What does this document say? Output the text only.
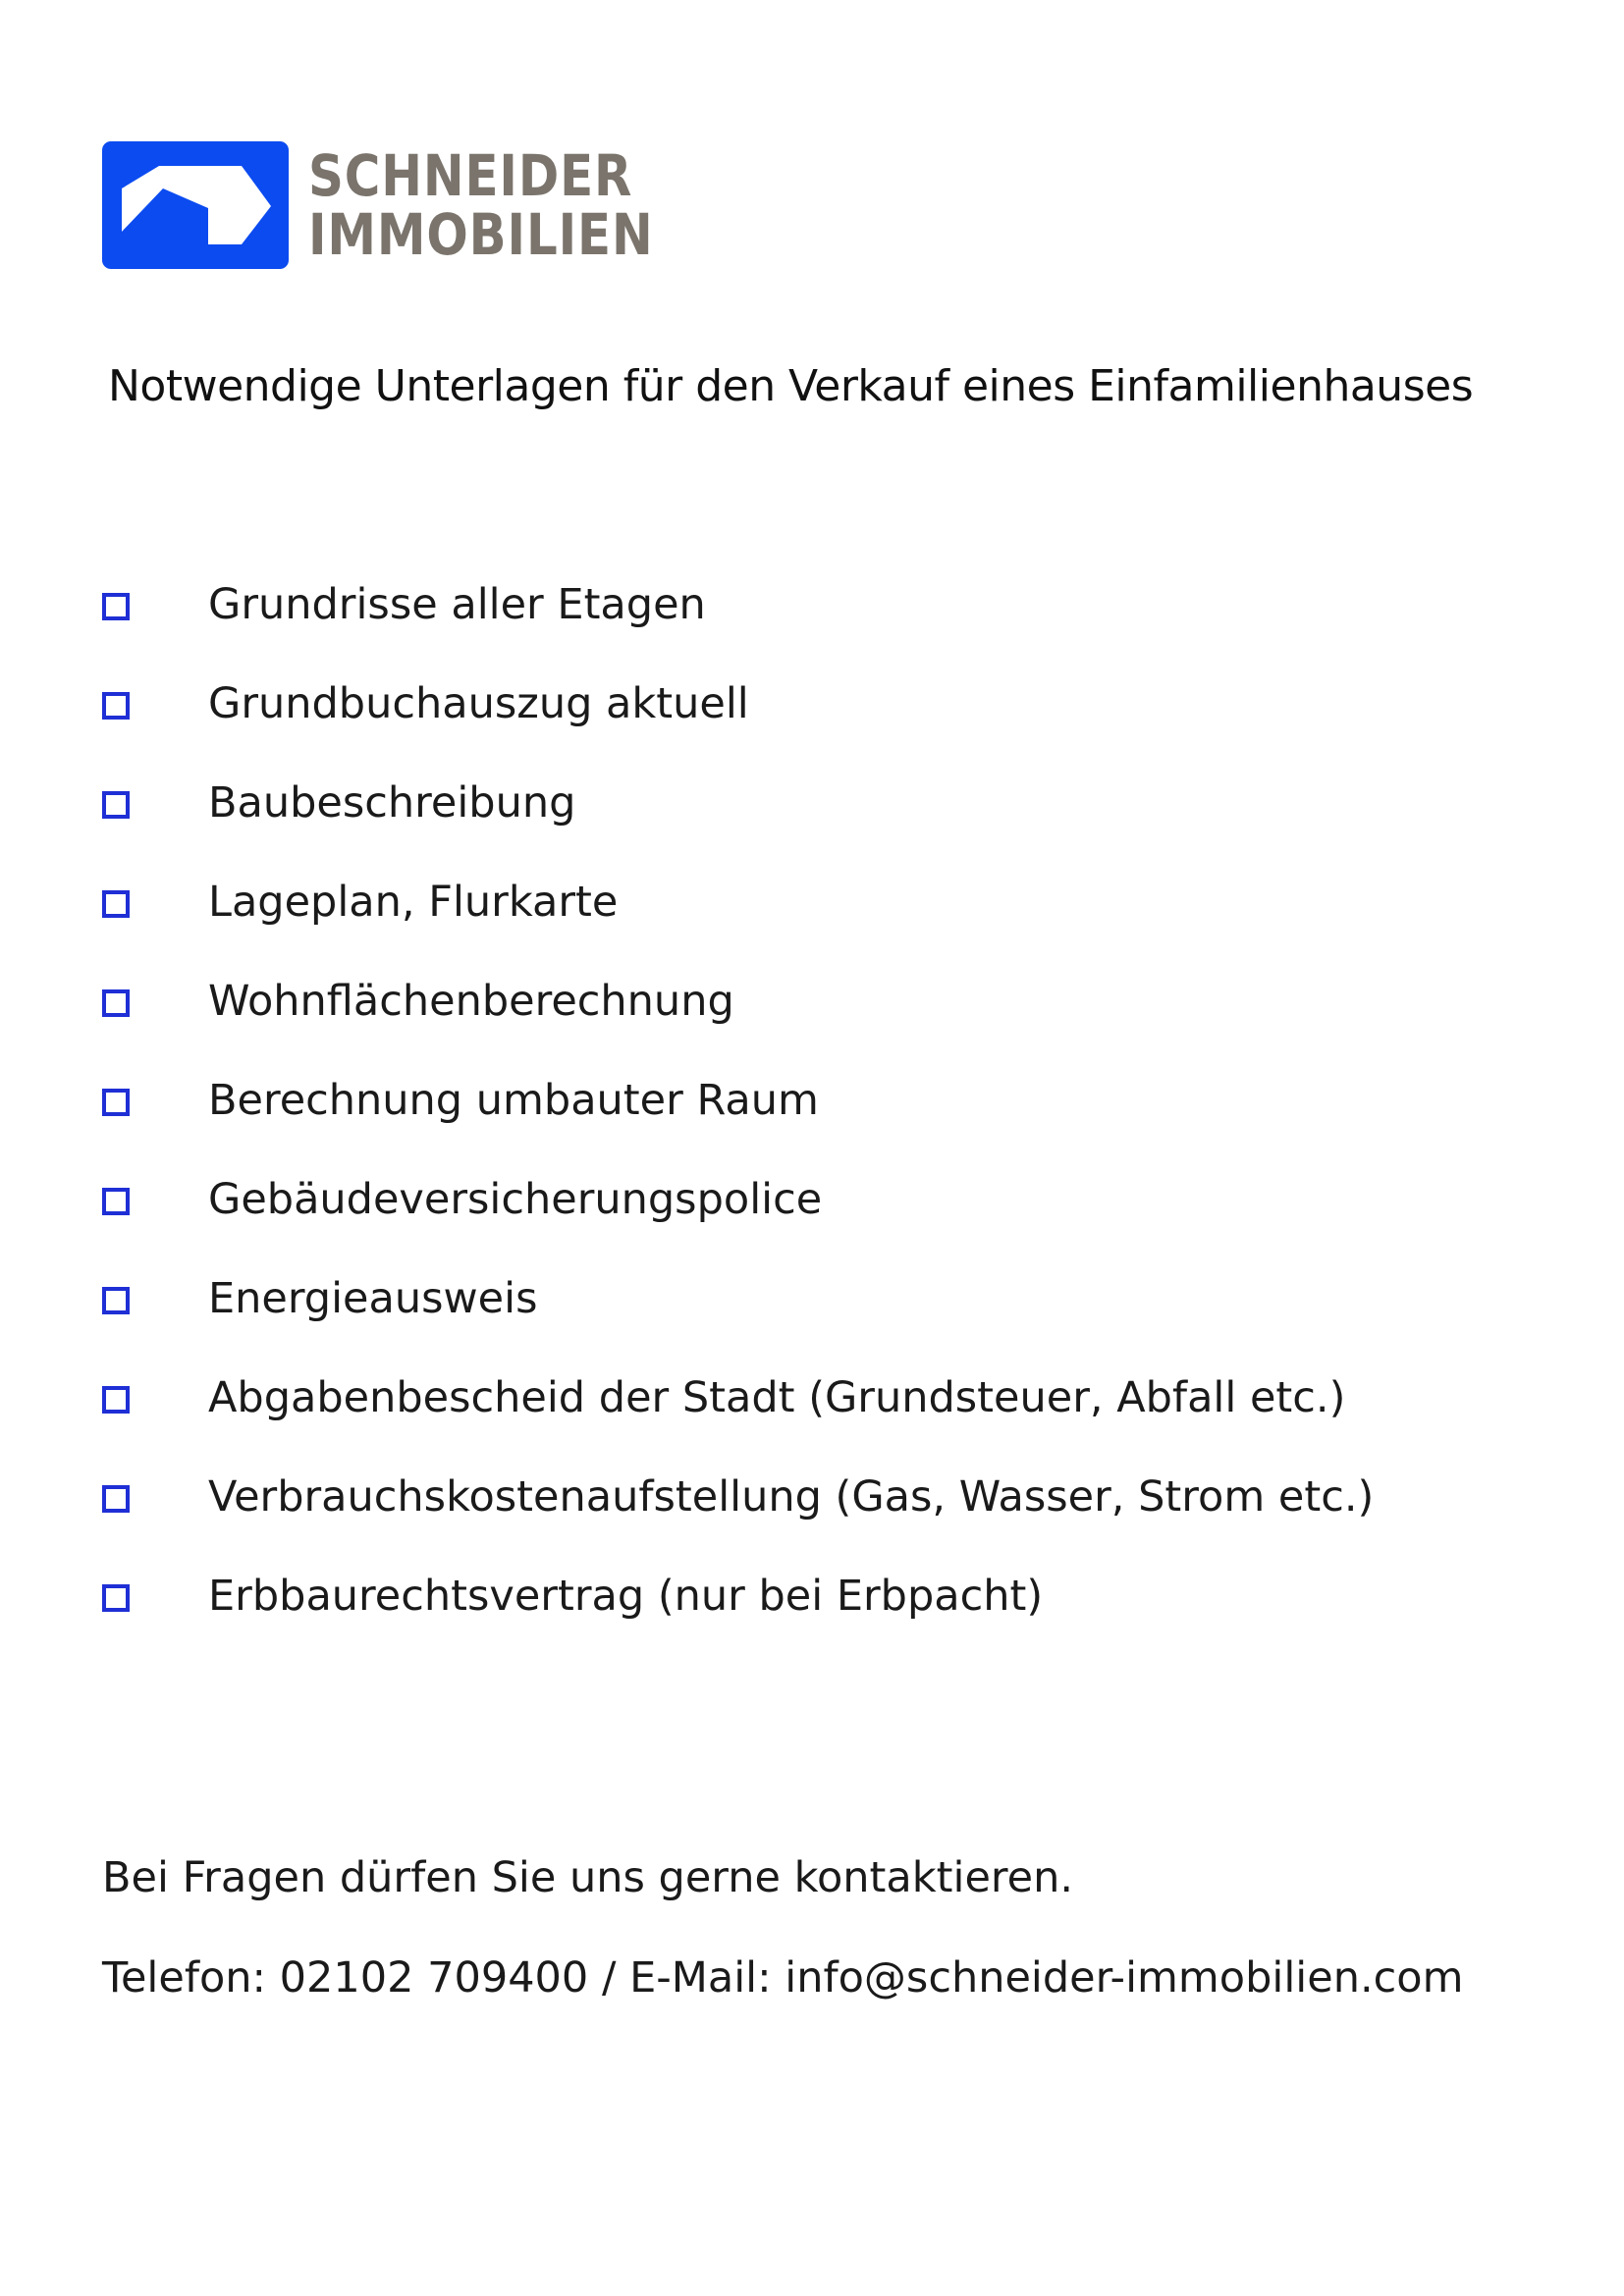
SCHNEIDER
IMMOBILIEN
Notwendige Unterlagen für den Verkauf eines Einfamilienhauses
Grundrisse aller Etagen
Grundbuchauszug aktuell
Baubeschreibung
Lageplan, Flurkarte
Wohnflächenberechnung
Berechnung umbauter Raum
Gebäudeversicherungspolice
Energieausweis
Abgabenbescheid der Stadt (Grundsteuer, Abfall etc.)
Verbrauchskostenaufstellung (Gas, Wasser, Strom etc.)
Erbbaurechtsvertrag (nur bei Erbpacht)

Bei Fragen dürfen Sie uns gerne kontaktieren.

Telefon: 02102 709400 / E-Mail: info@schneider-immobilien.com
